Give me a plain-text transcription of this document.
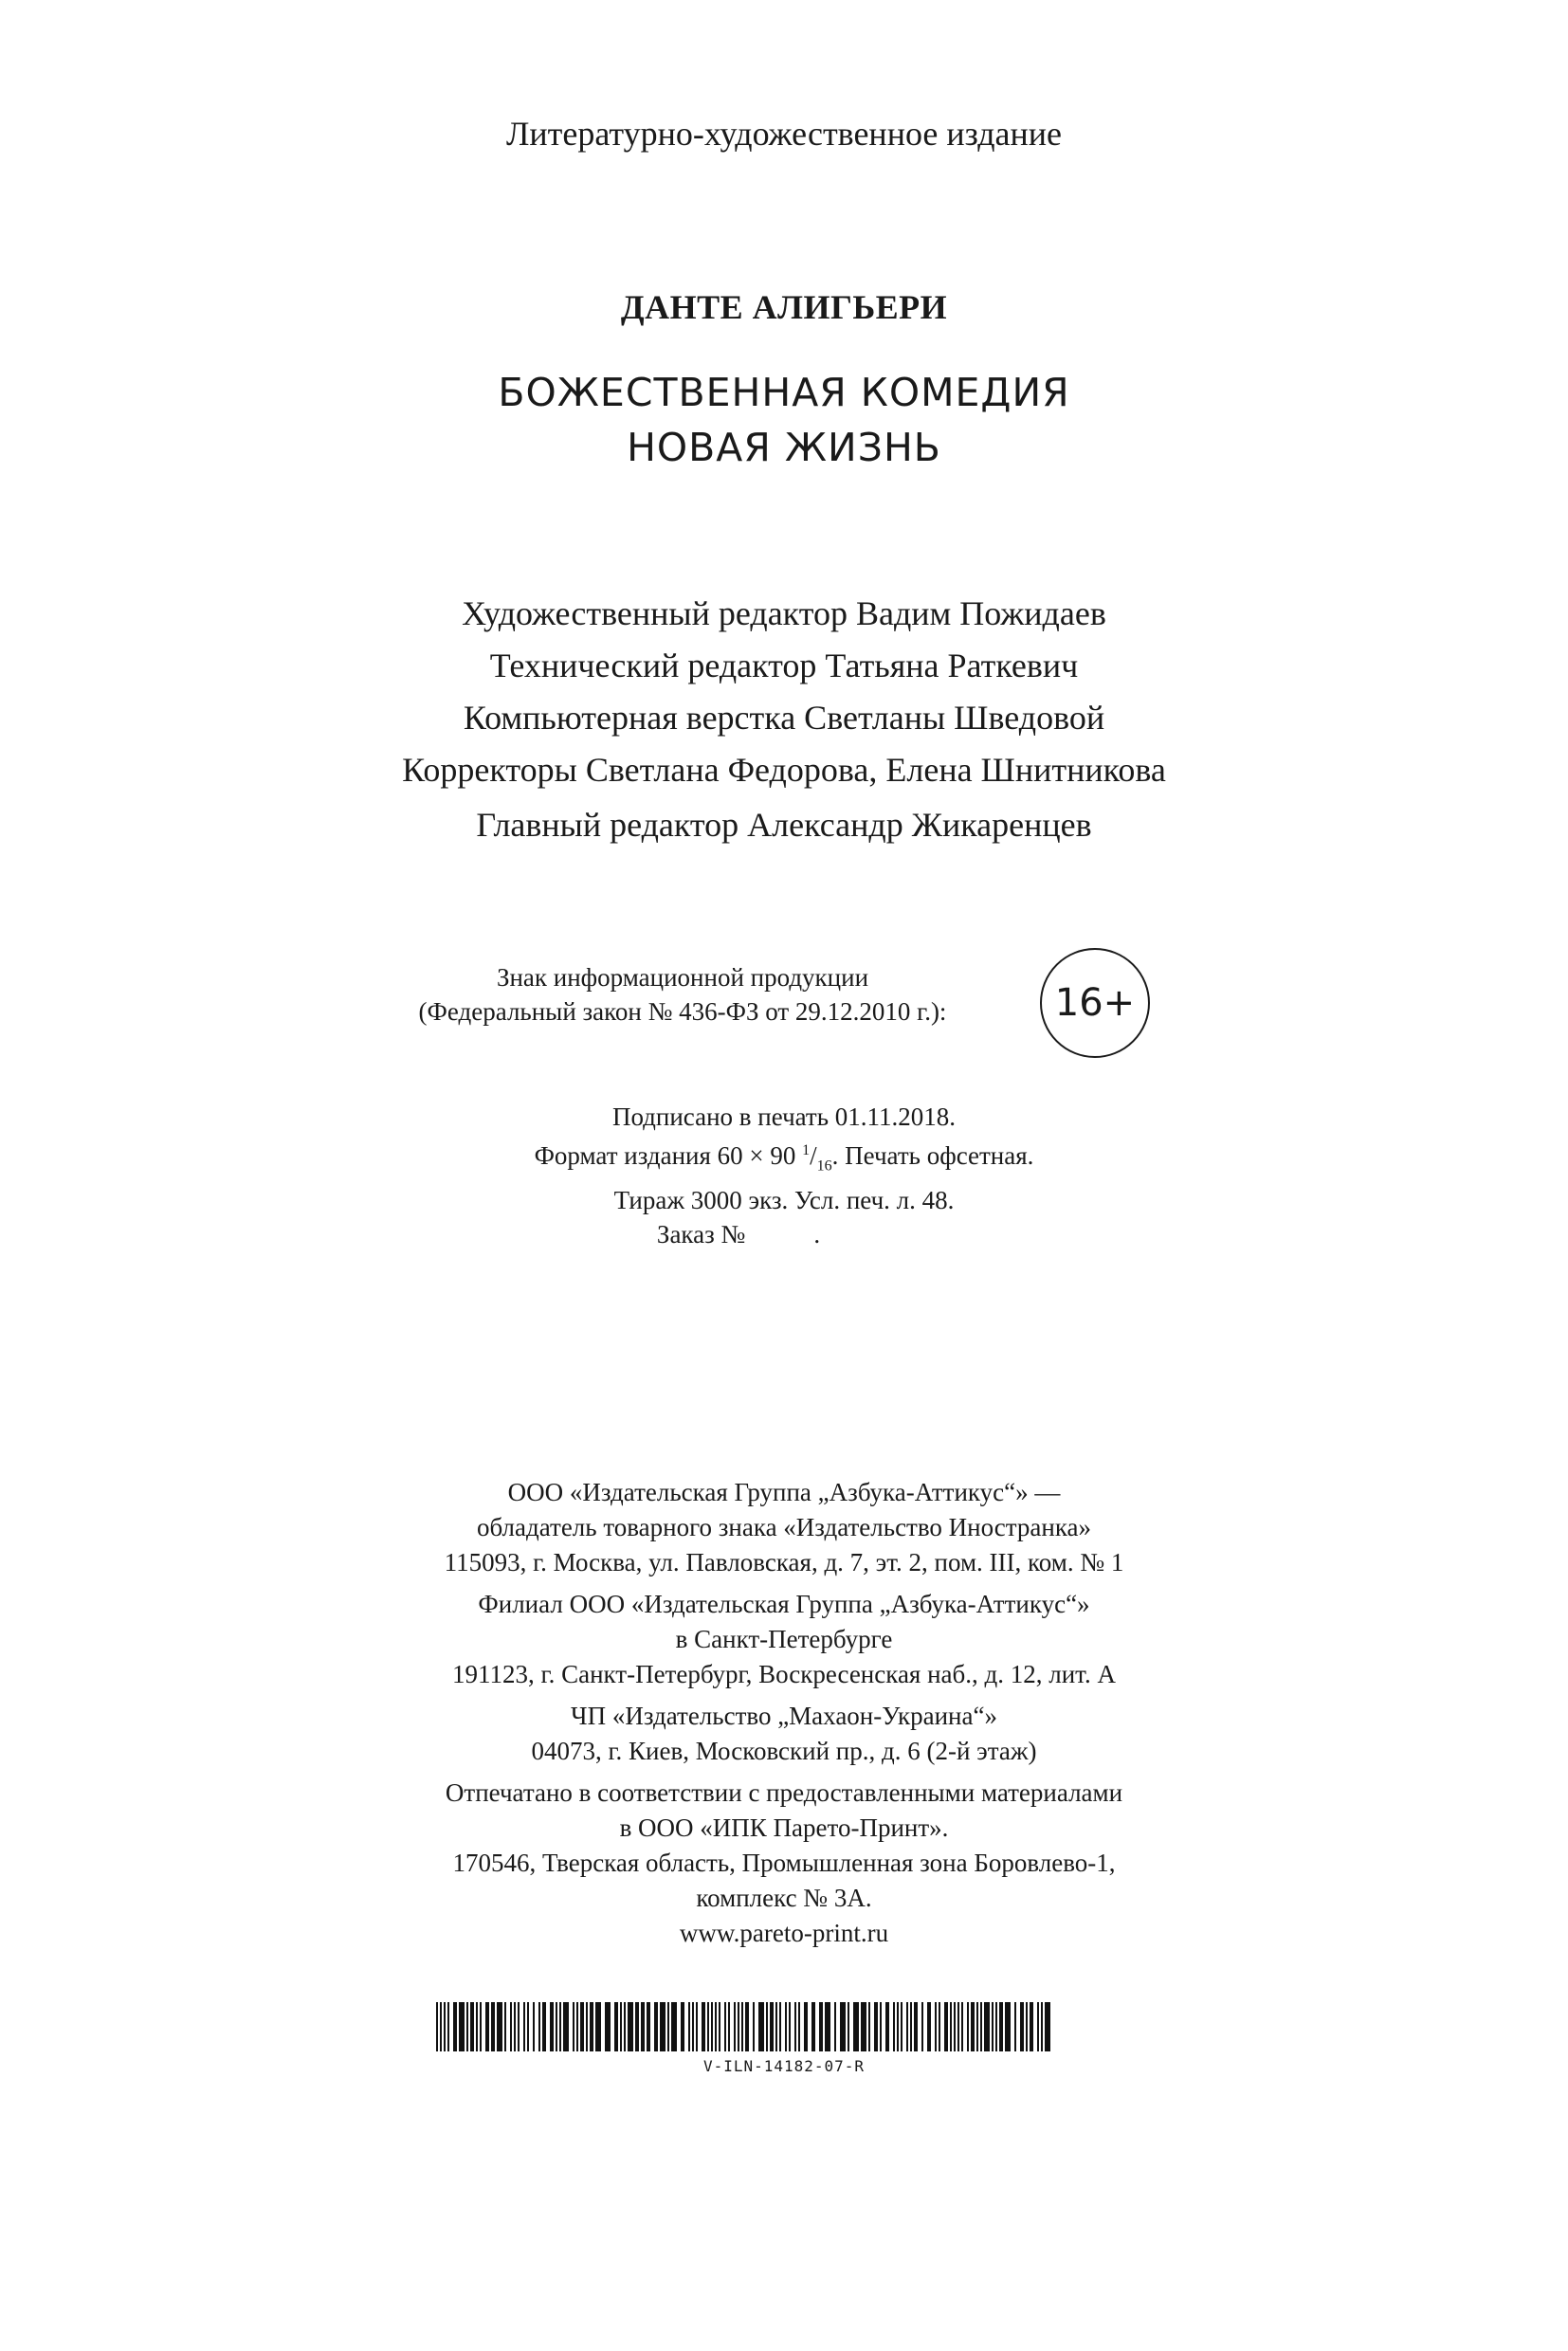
Литературно-художественное издание
ДАНТЕ АЛИГЬЕРИ
БОЖЕСТВЕННАЯ КОМЕДИЯ
НОВАЯ ЖИЗНЬ
Художественный редактор Вадим Пожидаев
Технический редактор Татьяна Раткевич
Компьютерная верстка Светланы Шведовой
Корректоры Светлана Федорова, Елена Шнитникова
Главный редактор Александр Жикаренцев
Знак информационной продукции
(Федеральный закон № 436-ФЗ от 29.12.2010 г.):	16+
Подписано в печать 01.11.2018.
Формат издания 60 × 90 $^1/_{16}$. Печать офсетная.
Тираж 3000 экз. Усл. печ. л. 48.
Заказ №	.
ООО «Издательская Группа „Азбука-Аттикус“» —
обладатель товарного знака «Издательство Иностранка»
115093, г. Москва, ул. Павловская, д. 7, эт. 2, пом. III, ком. № 1
Филиал ООО «Издательская Группа „Азбука-Аттикус“»
в Санкт-Петербурге
191123, г. Санкт-Петербург, Воскресенская наб., д. 12, лит. А
ЧП «Издательство „Махаон-Украина“»
04073, г. Киев, Московский пр., д. 6 (2-й этаж)
Отпечатано в соответствии с предоставленными материалами
в ООО «ИПК Парето-Принт».
170546, Тверская область, Промышленная зона Боровлево-1,
комплекс № 3А.
www.pareto-print.ru
V-ILN-14182-07-R
